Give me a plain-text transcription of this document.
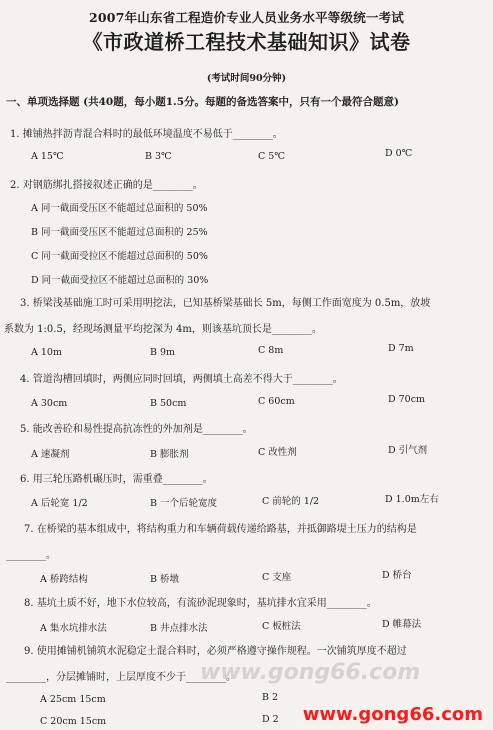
2007年山东省工程造价专业人员业务水平等级统一考试
《市政道桥工程技术基础知识》试卷
(考试时间90分钟)
一、单项选择题 (共40题，每小题1.5分。每题的备选答案中，只有一个最符合题意)
1. 摊铺热拌沥青混合料时的最低环境温度不易低于________。
A 15℃	B 3℃	C 5℃	D 0℃
2. 对钢筋绑扎搭接叙述正确的是________。
A 同一截面受压区不能超过总面积的 50%
B 同一截面受压区不能超过总面积的 25%
C 同一截面受拉区不能超过总面积的 50%
D 同一截面受拉区不能超过总面积的 30%
3. 桥梁浅基础施工时可采用明挖法，已知基桥梁基础长 5m，每侧工作面宽度为 0.5m，放坡
系数为 1:0.5，经现场测量平均挖深为 4m，则该基坑顶长是________。
A 10m	B 9m	C 8m	D 7m
4. 管道沟槽回填时，两侧应同时回填，两侧填土高差不得大于________。
A 30cm	B 50cm	C 60cm	D 70cm
5. 能改善砼和易性提高抗冻性的外加剂是________。
A 速凝剂	B 膨胀剂	C 改性剂	D 引气剂
6. 用三轮压路机碾压时，需重叠________。
A 后轮宽 1/2	B 一个后轮宽度	C 前轮的 1/2	D 1.0m左右
7. 在桥梁的基本组成中，将结构重力和车辆荷载传递给路基，并抵御路堤土压力的结构是
________。
A 桥跨结构	B 桥墩	C 支座	D 桥台
8. 基坑土质不好，地下水位较高，有流砂泥现象时，基坑排水宜采用________。
A 集水坑排水法	B 井点排水法	C 板桩法	D 帷幕法
9. 使用摊铺机铺筑水泥稳定土混合料时，必须严格遵守操作规程。一次铺筑厚度不超过
________，分层摊铺时，上层厚度不少于________。
A 25cm 15cm	B 2
C 20cm 15cm	D 2
www.gong66.com
www.gong66.com
